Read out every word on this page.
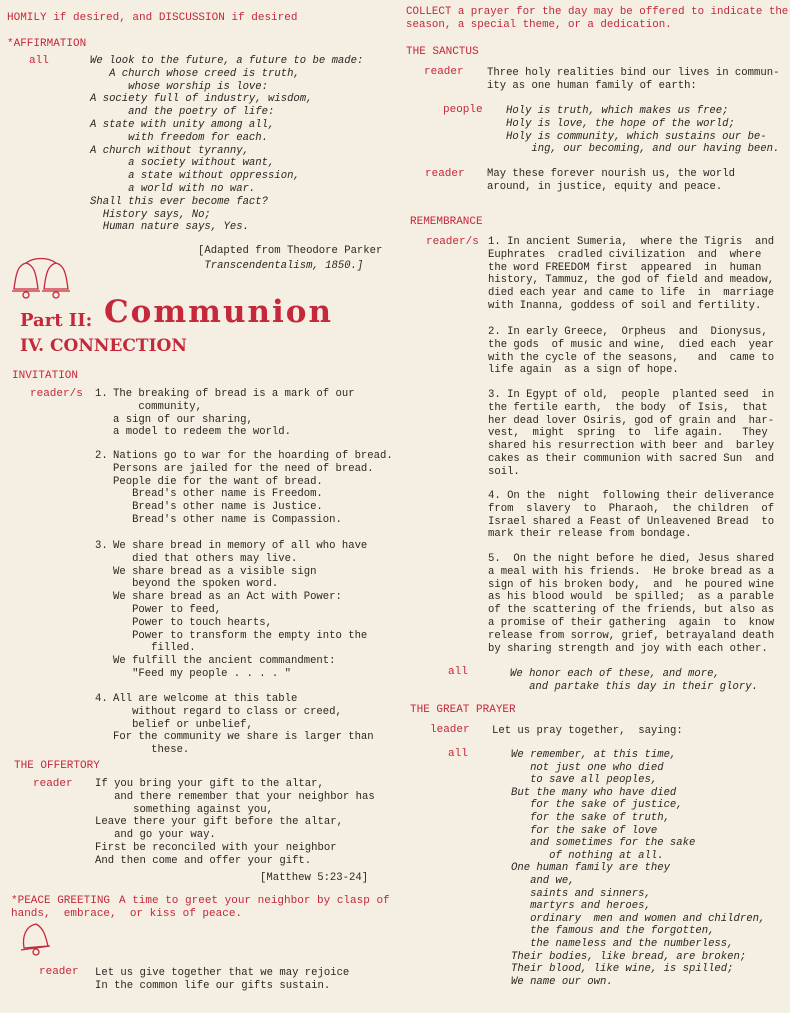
HOMILY if desired, and DISCUSSION if desired
*AFFIRMATION
all	We look to the future, a future to be made:
A church whose creed is truth,
whose worship is love:
A society full of industry, wisdom,
and the poetry of life:
A state with unity among all,
with freedom for each.
A church without tyranny,
a society without want,
a state without oppression,
a world with no war.
Shall this ever become fact?
History says, No;
Human nature says, Yes.
[Adapted from Theodore Parker
Transcendentalism, 1850.]
Part II: Communion
IV. CONNECTION
INVITATION
reader/s 1. The breaking of bread is a mark of our
community,
a sign of our sharing,
a model to redeem the world.
2. Nations go to war for the hoarding of bread.
Persons are jailed for the need of bread.
People die for the want of bread.
Bread's other name is Freedom.
Bread's other name is Justice.
Bread's other name is Compassion.
3. We share bread in memory of all who have
died that others may live.
We share bread as a visible sign
beyond the spoken word.
We share bread as an Act with Power:
Power to feed,
Power to touch hearts,
Power to transform the empty into the
filled.
We fulfill the ancient commandment:
"Feed my people . . . . "
4. All are welcome at this table
without regard to class or creed,
belief or unbelief,
For the community we share is larger than
these.
THE OFFERTORY
reader If you bring your gift to the altar,
and there remember that your neighbor has
something against you,
Leave there your gift before the altar,
and go your way.
First be reconciled with your neighbor
And then come and offer your gift.
[Matthew 5:23-24]
*PEACE GREETING A time to greet your neighbor by clasp of
hands,  embrace,  or kiss of peace.
reader Let us give together that we may rejoice
In the common life our gifts sustain.
COLLECT a prayer for the day may be offered to indicate the
season, a special theme, or a dedication.
THE SANCTUS
reader Three holy realities bind our lives in commun-
ity as one human family of earth:
people Holy is truth, which makes us free;
Holy is love, the hope of the world;
Holy is community, which sustains our be-
ing, our becoming, and our having been.
reader May these forever nourish us, the world
around, in justice, equity and peace.
REMEMBRANCE
reader/s 1. In ancient Sumeria,  where the Tigris  and
Euphrates  cradled civilization  and  where
the word FREEDOM first  appeared  in  human
history, Tammuz, the god of field and meadow,
died each year and came to life  in  marriage
with Inanna, goddess of soil and fertility.
2. In early Greece,  Orpheus  and  Dionysus,
the gods  of music and wine,  died each  year
with the cycle of the seasons,   and  came to
life again  as a sign of hope.
3. In Egypt of old,  people  planted seed  in
the fertile earth,  the body  of Isis,  that
her dead lover Osiris, god of grain and  har-
vest,  might  spring  to  life again.   They
shared his resurrection with beer and  barley
cakes as their communion with sacred Sun  and
soil.
4. On the  night  following their deliverance
from  slavery  to  Pharaoh,  the children  of
Israel shared a Feast of Unleavened Bread  to
mark their release from bondage.
5.  On the night before he died, Jesus shared
a meal with his friends.  He broke bread as a
sign of his broken body,  and  he poured wine
as his blood would  be spilled;  as a parable
of the scattering of the friends, but also as
a promise of their gathering  again  to  know
release from sorrow, grief, betrayaland death
by sharing strength and joy with each other.
all	We honor each of these, and more,
and partake this day in their glory.
THE GREAT PRAYER
leader Let us pray together,  saying:
all	We remember, at this time,
not just one who died
to save all peoples,
But the many who have died
for the sake of justice,
for the sake of truth,
for the sake of love
and sometimes for the sake
of nothing at all.
One human family are they
and we,
saints and sinners,
martyrs and heroes,
ordinary  men and women and children,
the famous and the forgotten,
the nameless and the numberless,
Their bodies, like bread, are broken;
Their blood, like wine, is spilled;
We name our own.
